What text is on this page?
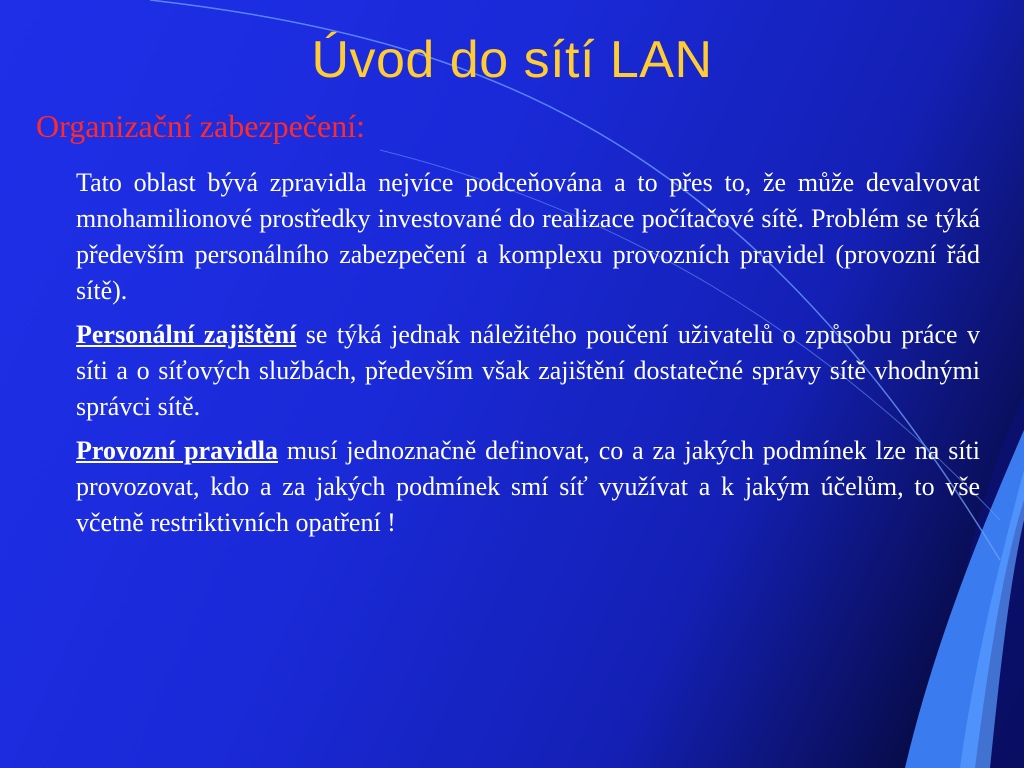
Úvod do sítí LAN
Organizační zabezpečení:

Tato oblast bývá zpravidla nejvíce podceňována a to přes to, že může devalvovat mnohamilionové prostředky investované do realizace počítačové sítě. Problém se týká především personálního zabezpečení a komplexu provozních pravidel (provozní řád sítě).

Personální zajištění se týká jednak náležitého poučení uživatelů o způsobu práce v síti a o síťových službách, především však zajištění dostatečné správy sítě vhodnými správci sítě.

Provozní pravidla musí jednoznačně definovat, co a za jakých podmínek lze na síti provozovat, kdo a za jakých podmínek smí síť využívat a k jakým účelům, to vše včetně restriktivních opatření !
